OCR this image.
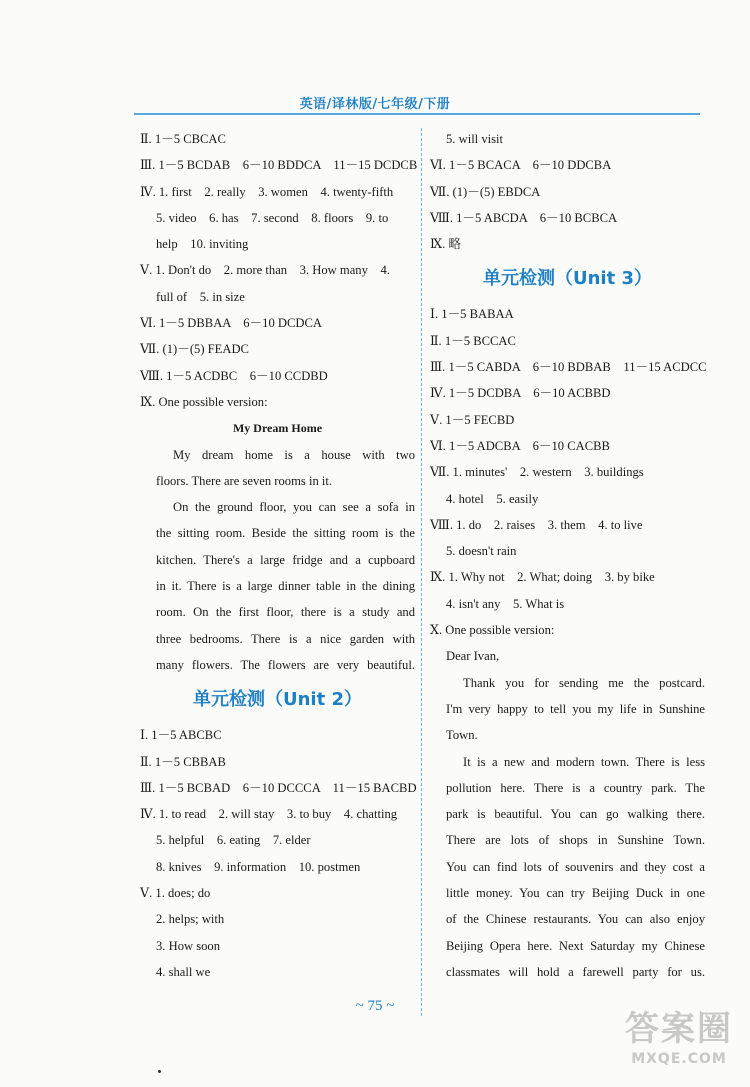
英语/译林版/七年级/下册
Ⅱ. 1－5 CBCAC
Ⅲ. 1－5 BCDAB　6－10 BDDCA　11－15 DCDCB
Ⅳ. 1. first　2. really　3. women　4. twenty-fifth
5. video　6. has　7. second　8. floors　9. to
help　10. inviting
Ⅴ. 1. Don't do　2. more than　3. How many　4.
full of　5. in size
Ⅵ. 1－5 DBBAA　6－10 DCDCA
Ⅶ. (1)－(5) FEADC
Ⅷ. 1－5 ACDBC　6－10 CCDBD
Ⅸ. One possible version:
My Dream Home
My dream home is a house with two
floors. There are seven rooms in it.
On the ground floor, you can see a sofa in
the sitting room. Beside the sitting room is the
kitchen. There's a large fridge and a cupboard
in it. There is a large dinner table in the dining
room. On the first floor, there is a study and
three bedrooms. There is a nice garden with
many flowers. The flowers are very beautiful.
单元检测（Unit 2）
Ⅰ. 1－5 ABCBC
Ⅱ. 1－5 CBBAB
Ⅲ. 1－5 BCBAD　6－10 DCCCA　11－15 BACBD
Ⅳ. 1. to read　2. will stay　3. to buy　4. chatting
5. helpful　6. eating　7. elder
8. knives　9. information　10. postmen
Ⅴ. 1. does; do
2. helps; with
3. How soon
4. shall we
5. will visit
Ⅵ. 1－5 BCACA　6－10 DDCBA
Ⅶ. (1)－(5) EBDCA
Ⅷ. 1－5 ABCDA　6－10 BCBCA
Ⅸ. 略
单元检测（Unit 3）
Ⅰ. 1－5 BABAA
Ⅱ. 1－5 BCCAC
Ⅲ. 1－5 CABDA　6－10 BDBAB　11－15 ACDCC
Ⅳ. 1－5 DCDBA　6－10 ACBBD
Ⅴ. 1－5 FECBD
Ⅵ. 1－5 ADCBA　6－10 CACBB
Ⅶ. 1. minutes'　2. western　3. buildings
4. hotel　5. easily
Ⅷ. 1. do　2. raises　3. them　4. to live
5. doesn't rain
Ⅸ. 1. Why not　2. What; doing　3. by bike
4. isn't any　5. What is
Ⅹ. One possible version:
Dear Ivan,
Thank you for sending me the postcard.
I'm very happy to tell you my life in Sunshine
Town.
It is a new and modern town. There is less
pollution here. There is a country park. The
park is beautiful. You can go walking there.
There are lots of shops in Sunshine Town.
You can find lots of souvenirs and they cost a
little money. You can try Beijing Duck in one
of the Chinese restaurants. You can also enjoy
Beijing Opera here. Next Saturday my Chinese
classmates will hold a farewell party for us.
~ 75 ~
答案圈
MXQE.COM
